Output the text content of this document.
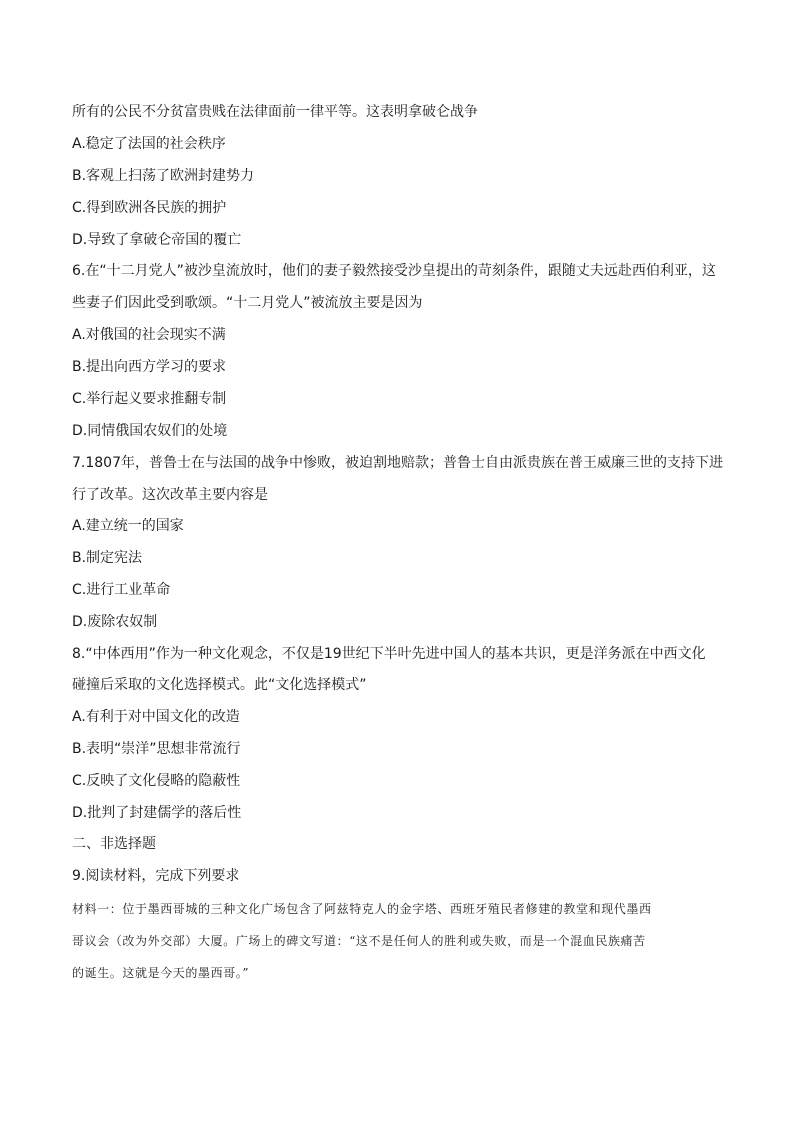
所有的公民不分贫富贵贱在法律面前一律平等。这表明拿破仑战争
A.稳定了法国的社会秩序
B.客观上扫荡了欧洲封建势力
C.得到欧洲各民族的拥护
D.导致了拿破仑帝国的覆亡
6.在“十二月党人”被沙皇流放时，他们的妻子毅然接受沙皇提出的苛刻条件，跟随丈夫远赴西伯利亚，这
些妻子们因此受到歌颂。“十二月党人”被流放主要是因为
A.对俄国的社会现实不满
B.提出向西方学习的要求
C.举行起义要求推翻专制
D.同情俄国农奴们的处境
7.1807年，普鲁士在与法国的战争中惨败，被迫割地赔款；普鲁士自由派贵族在普王威廉三世的支持下进
行了改革。这次改革主要内容是
A.建立统一的国家
B.制定宪法
C.进行工业革命
D.废除农奴制
8.“中体西用”作为一种文化观念，不仅是19世纪下半叶先进中国人的基本共识，更是洋务派在中西文化
碰撞后采取的文化选择模式。此“文化选择模式”
A.有利于对中国文化的改造
B.表明“崇洋”思想非常流行
C.反映了文化侵略的隐蔽性
D.批判了封建儒学的落后性
二、非选择题
9.阅读材料，完成下列要求
材料一：位于墨西哥城的三种文化广场包含了阿兹特克人的金字塔、西班牙殖民者修建的教堂和现代墨西
哥议会（改为外交部）大厦。广场上的碑文写道：“这不是任何人的胜利或失败，而是一个混血民族痛苦
的诞生。这就是今天的墨西哥。”
